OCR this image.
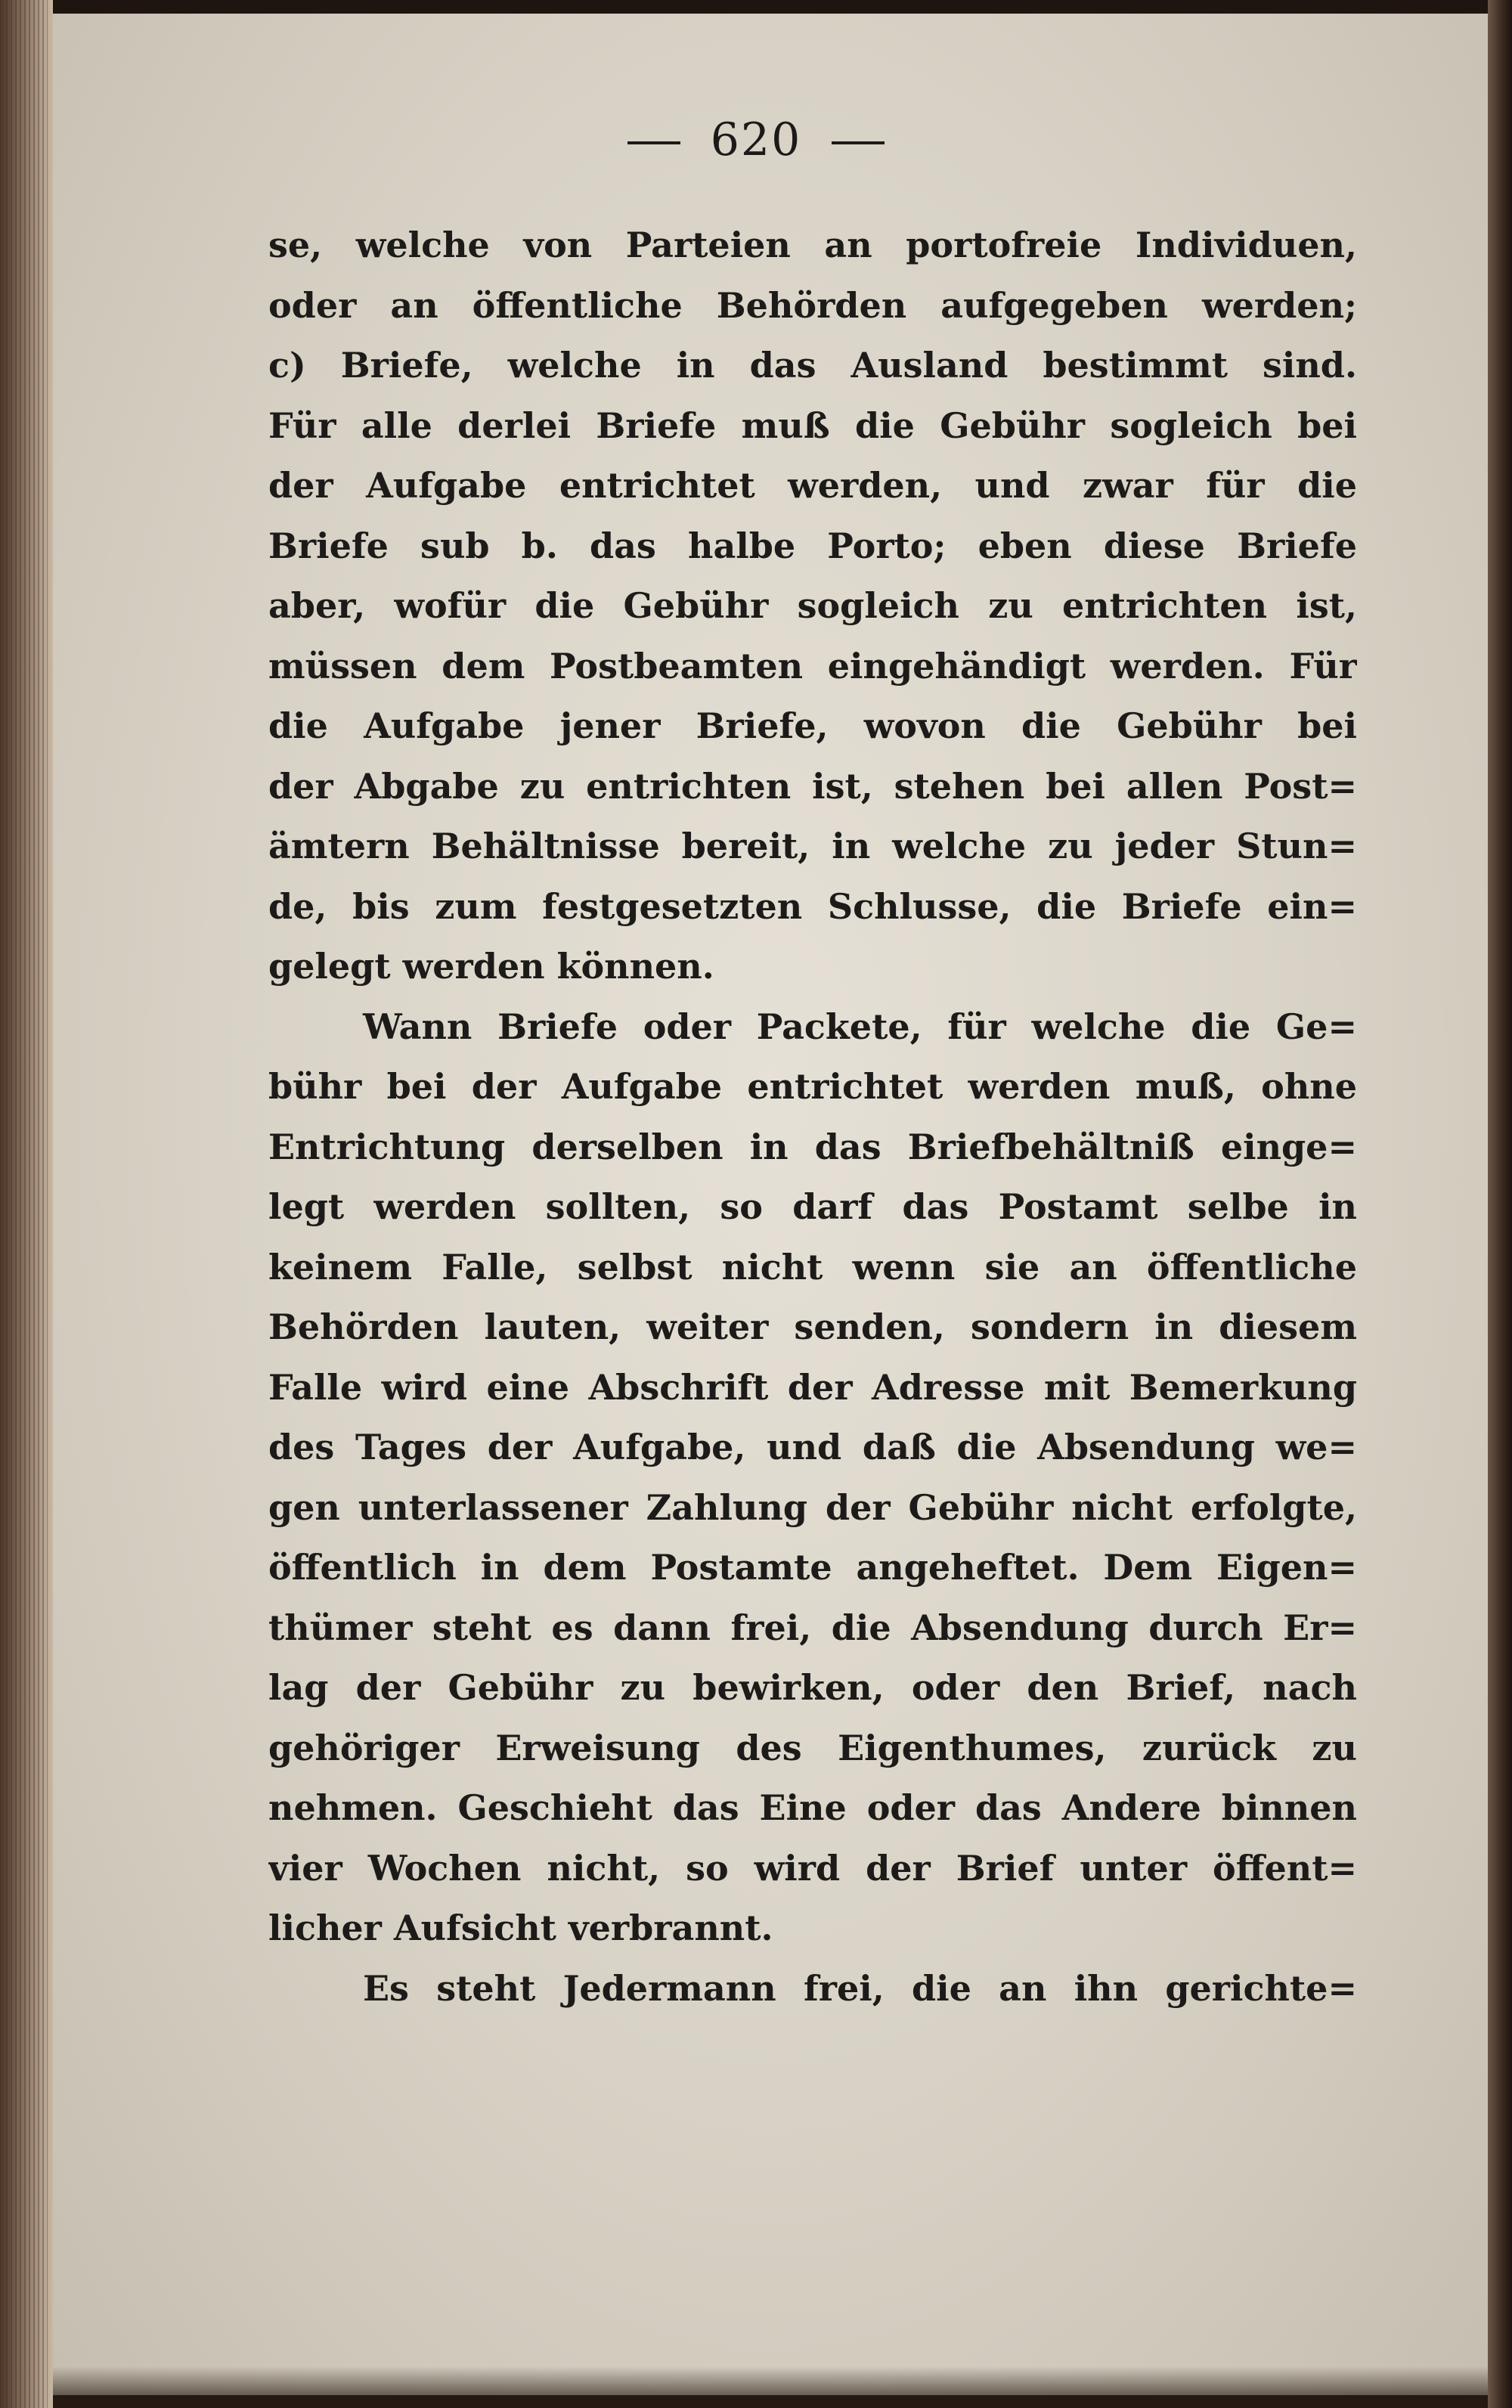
620
se, welche von Parteien an portofreie Individuen,
oder an öffentliche Behörden aufgegeben werden;
c) Briefe, welche in das Ausland bestimmt sind.
Für alle derlei Briefe muß die Gebühr sogleich bei
der Aufgabe entrichtet werden, und zwar für die
Briefe sub b. das halbe Porto; eben diese Briefe
aber, wofür die Gebühr sogleich zu entrichten ist,
müssen dem Postbeamten eingehändigt werden. Für
die Aufgabe jener Briefe, wovon die Gebühr bei
der Abgabe zu entrichten ist, stehen bei allen Post=
ämtern Behältnisse bereit, in welche zu jeder Stun=
de, bis zum festgesetzten Schlusse, die Briefe ein=
gelegt werden können.
Wann Briefe oder Packete, für welche die Ge=
bühr bei der Aufgabe entrichtet werden muß, ohne
Entrichtung derselben in das Briefbehältniß einge=
legt werden sollten, so darf das Postamt selbe in
keinem Falle, selbst nicht wenn sie an öffentliche
Behörden lauten, weiter senden, sondern in diesem
Falle wird eine Abschrift der Adresse mit Bemerkung
des Tages der Aufgabe, und daß die Absendung we=
gen unterlassener Zahlung der Gebühr nicht erfolgte,
öffentlich in dem Postamte angeheftet. Dem Eigen=
thümer steht es dann frei, die Absendung durch Er=
lag der Gebühr zu bewirken, oder den Brief, nach
gehöriger Erweisung des Eigenthumes, zurück zu
nehmen. Geschieht das Eine oder das Andere binnen
vier Wochen nicht, so wird der Brief unter öffent=
licher Aufsicht verbrannt.
Es steht Jedermann frei, die an ihn gerichte=
